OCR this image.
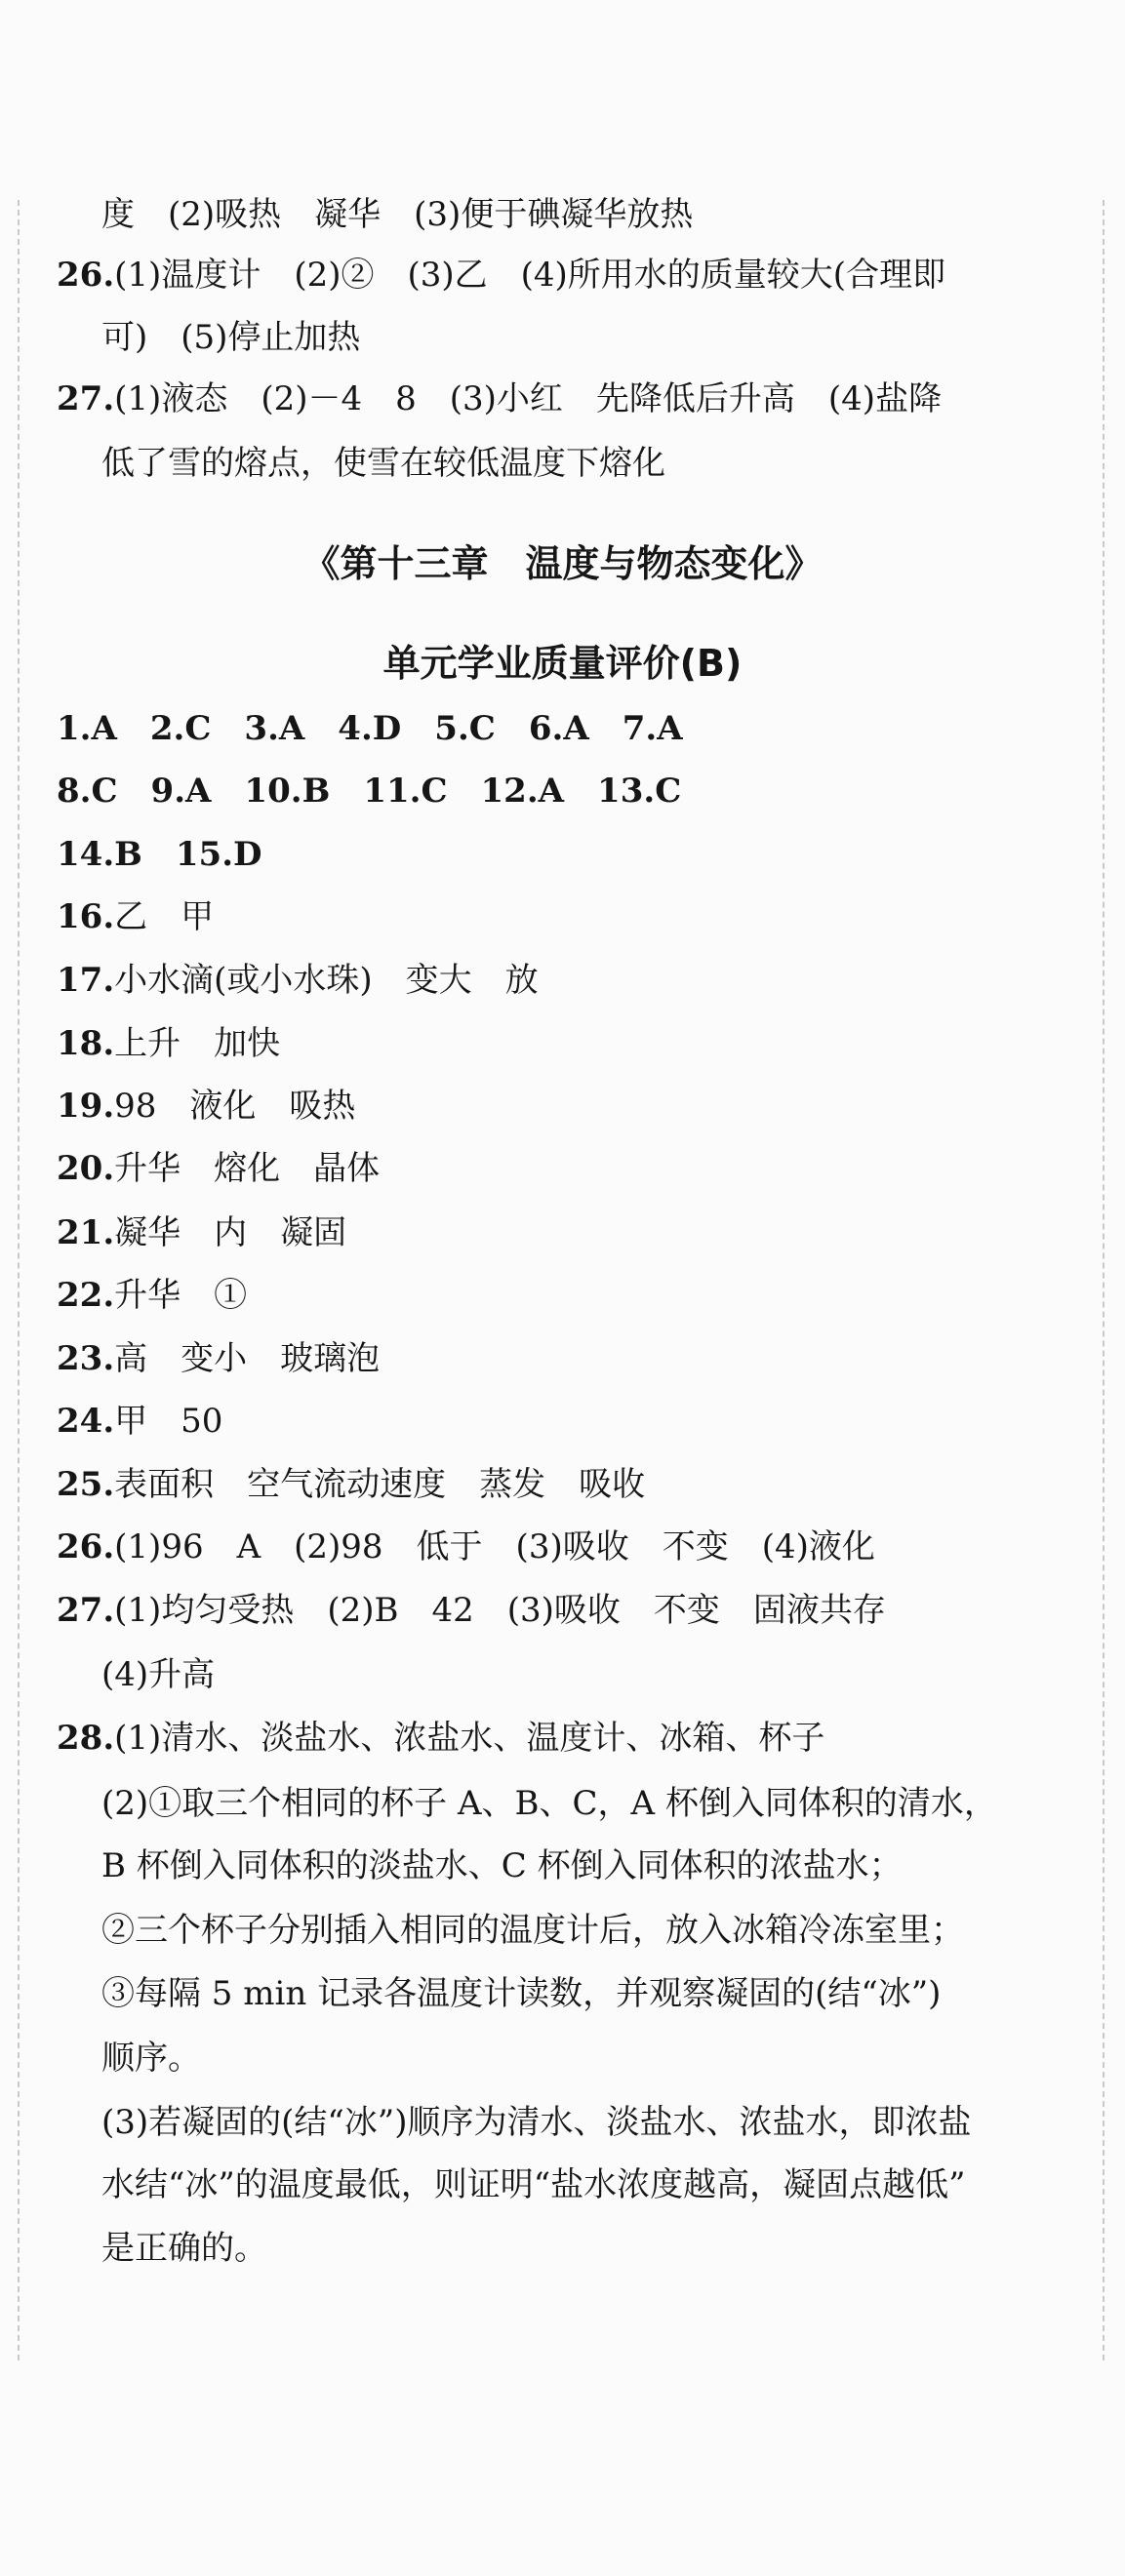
度　(2)吸热　凝华　(3)便于碘凝华放热
26.(1)温度计　(2)②　(3)乙　(4)所用水的质量较大(合理即
可)　(5)停止加热
27.(1)液态　(2)－4　8　(3)小红　先降低后升高　(4)盐降
低了雪的熔点，使雪在较低温度下熔化
《第十三章　温度与物态变化》
单元学业质量评价(B)
1.A　2.C　3.A　4.D　5.C　6.A　7.A
8.C　9.A　10.B　11.C　12.A　13.C
14.B　15.D
16.乙　甲
17.小水滴(或小水珠)　变大　放
18.上升　加快
19.98　液化　吸热
20.升华　熔化　晶体
21.凝华　内　凝固
22.升华　①
23.高　变小　玻璃泡
24.甲　50
25.表面积　空气流动速度　蒸发　吸收
26.(1)96　A　(2)98　低于　(3)吸收　不变　(4)液化
27.(1)均匀受热　(2)B　42　(3)吸收　不变　固液共存
(4)升高
28.(1)清水、淡盐水、浓盐水、温度计、冰箱、杯子
(2)①取三个相同的杯子 A、B、C，A 杯倒入同体积的清水，
B 杯倒入同体积的淡盐水、C 杯倒入同体积的浓盐水；
②三个杯子分别插入相同的温度计后，放入冰箱冷冻室里；
③每隔 5 min 记录各温度计读数，并观察凝固的(结“冰”)
顺序。
(3)若凝固的(结“冰”)顺序为清水、淡盐水、浓盐水，即浓盐
水结“冰”的温度最低，则证明“盐水浓度越高，凝固点越低”
是正确的。
